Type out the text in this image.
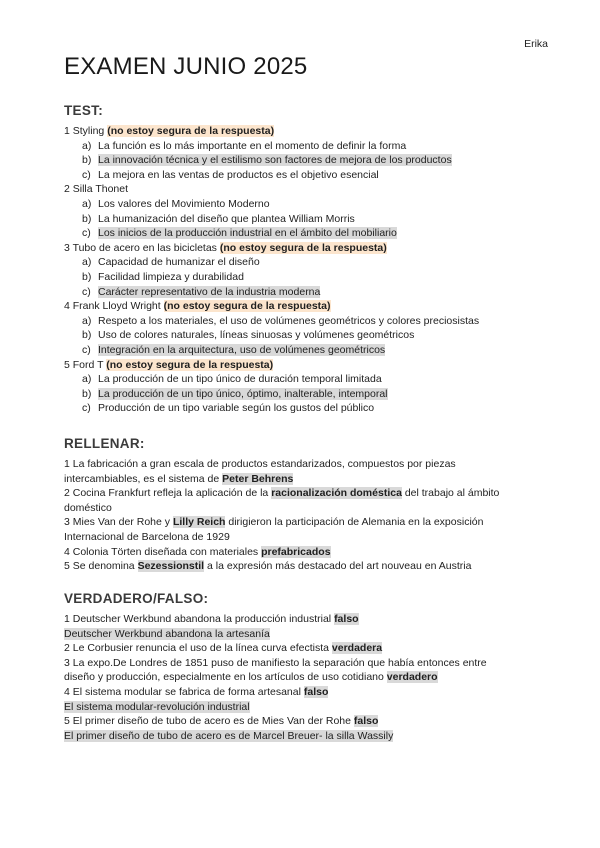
Erika
EXAMEN JUNIO 2025
TEST:
1 Styling (no estoy segura de la respuesta)
a) La función es lo más importante en el momento de definir la forma
b) La innovación técnica y el estilismo son factores de mejora de los productos
c) La mejora en las ventas de productos es el objetivo esencial
2 Silla Thonet
a) Los valores del Movimiento Moderno
b) La humanización del diseño que plantea William Morris
c) Los inicios de la producción industrial en el ámbito del mobiliario
3 Tubo de acero en las bicicletas (no estoy segura de la respuesta)
a) Capacidad de humanizar el diseño
b) Facilidad limpieza y durabilidad
c) Carácter representativo de la industria moderna
4 Frank Lloyd Wright (no estoy segura de la respuesta)
a) Respeto a los materiales, el uso de volúmenes geométricos y colores preciosistas
b) Uso de colores naturales, líneas sinuosas y volúmenes geométricos
c) Integración en la arquitectura, uso de volúmenes geométricos
5 Ford T (no estoy segura de la respuesta)
a) La producción de un tipo único de duración temporal limitada
b) La producción de un tipo único, óptimo, inalterable, intemporal
c) Producción de un tipo variable según los gustos del público
RELLENAR:
1 La fabricación a gran escala de productos estandarizados, compuestos por piezas intercambiables, es el sistema de Peter Behrens
2 Cocina Frankfurt refleja la aplicación de la racionalización doméstica del trabajo al ámbito doméstico
3 Mies Van der Rohe y Lilly Reich dirigieron la participación de Alemania en la exposición Internacional de Barcelona de 1929
4 Colonia Törten diseñada con materiales prefabricados
5 Se denomina Sezessionstil a la expresión más destacado del art nouveau en Austria
VERDADERO/FALSO:
1 Deutscher Werkbund abandona la producción industrial falso
Deutscher Werkbund abandona la artesanía
2 Le Corbusier renuncia el uso de la línea curva efectista verdadera
3 La expo.De Londres de 1851 puso de manifiesto la separación que había entonces entre diseño y producción, especialmente en los artículos de uso cotidiano verdadero
4 El sistema modular se fabrica de forma artesanal falso
El sistema modular-revolución industrial
5 El primer diseño de tubo de acero es de Mies Van der Rohe falso
El primer diseño de tubo de acero es de Marcel Breuer- la silla Wassily
